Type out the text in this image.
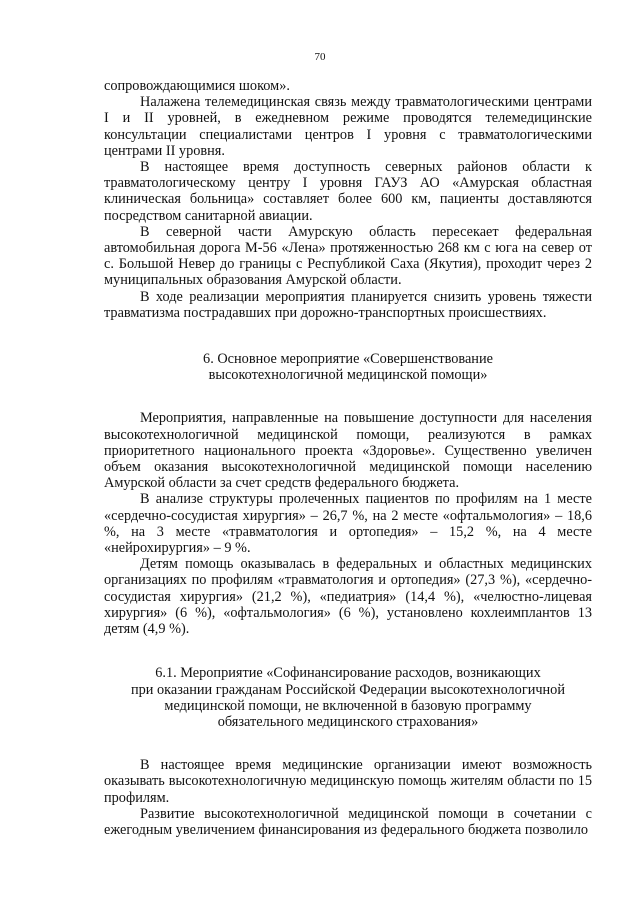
70

сопровождающимися шоком».

Налажена телемедицинская связь между травматологическими центрами I и II уровней, в ежедневном режиме проводятся телемедицинские консультации специалистами центров I уровня с травматологическими центрами II уровня.

В настоящее время доступность северных районов области к травматологическому центру I уровня ГАУЗ АО «Амурская областная клиническая больница» составляет более 600 км, пациенты доставляются посредством санитарной авиации.

В северной части Амурскую область пересекает федеральная автомобильная дорога М-56 «Лена» протяженностью 268 км с юга на север от с. Большой Невер до границы с Республикой Саха (Якутия), проходит через 2 муниципальных образования Амурской области.

В ходе реализации мероприятия планируется снизить уровень тяжести травматизма пострадавших при дорожно-транспортных происшествиях.

6. Основное мероприятие «Совершенствование
высокотехнологичной медицинской помощи»

Мероприятия, направленные на повышение доступности для населения высокотехнологичной медицинской помощи, реализуются в рамках приоритетного национального проекта «Здоровье». Существенно увеличен объем оказания высокотехнологичной медицинской помощи населению Амурской области за счет средств федерального бюджета.

В анализе структуры пролеченных пациентов по профилям на 1 месте «сердечно-сосудистая хирургия» – 26,7 %, на 2 месте «офтальмология» – 18,6 %, на 3 месте «травматология и ортопедия» – 15,2 %, на 4 месте «нейрохирургия» – 9 %.

Детям помощь оказывалась в федеральных и областных медицинских организациях по профилям «травматология и ортопедия» (27,3 %), «сердечно-сосудистая хирургия» (21,2 %), «педиатрия» (14,4 %), «челюстно-лицевая хирургия» (6 %), «офтальмология» (6 %), установлено кохлеимплантов 13 детям (4,9 %).

6.1. Мероприятие «Софинансирование расходов, возникающих
при оказании гражданам Российской Федерации высокотехнологичной
медицинской помощи, не включенной в базовую программу
обязательного медицинского страхования»

В настоящее время медицинские организации имеют возможность оказывать высокотехнологичную медицинскую помощь жителям области по 15 профилям.

Развитие высокотехнологичной медицинской помощи в сочетании с ежегодным увеличением финансирования из федерального бюджета позволило
